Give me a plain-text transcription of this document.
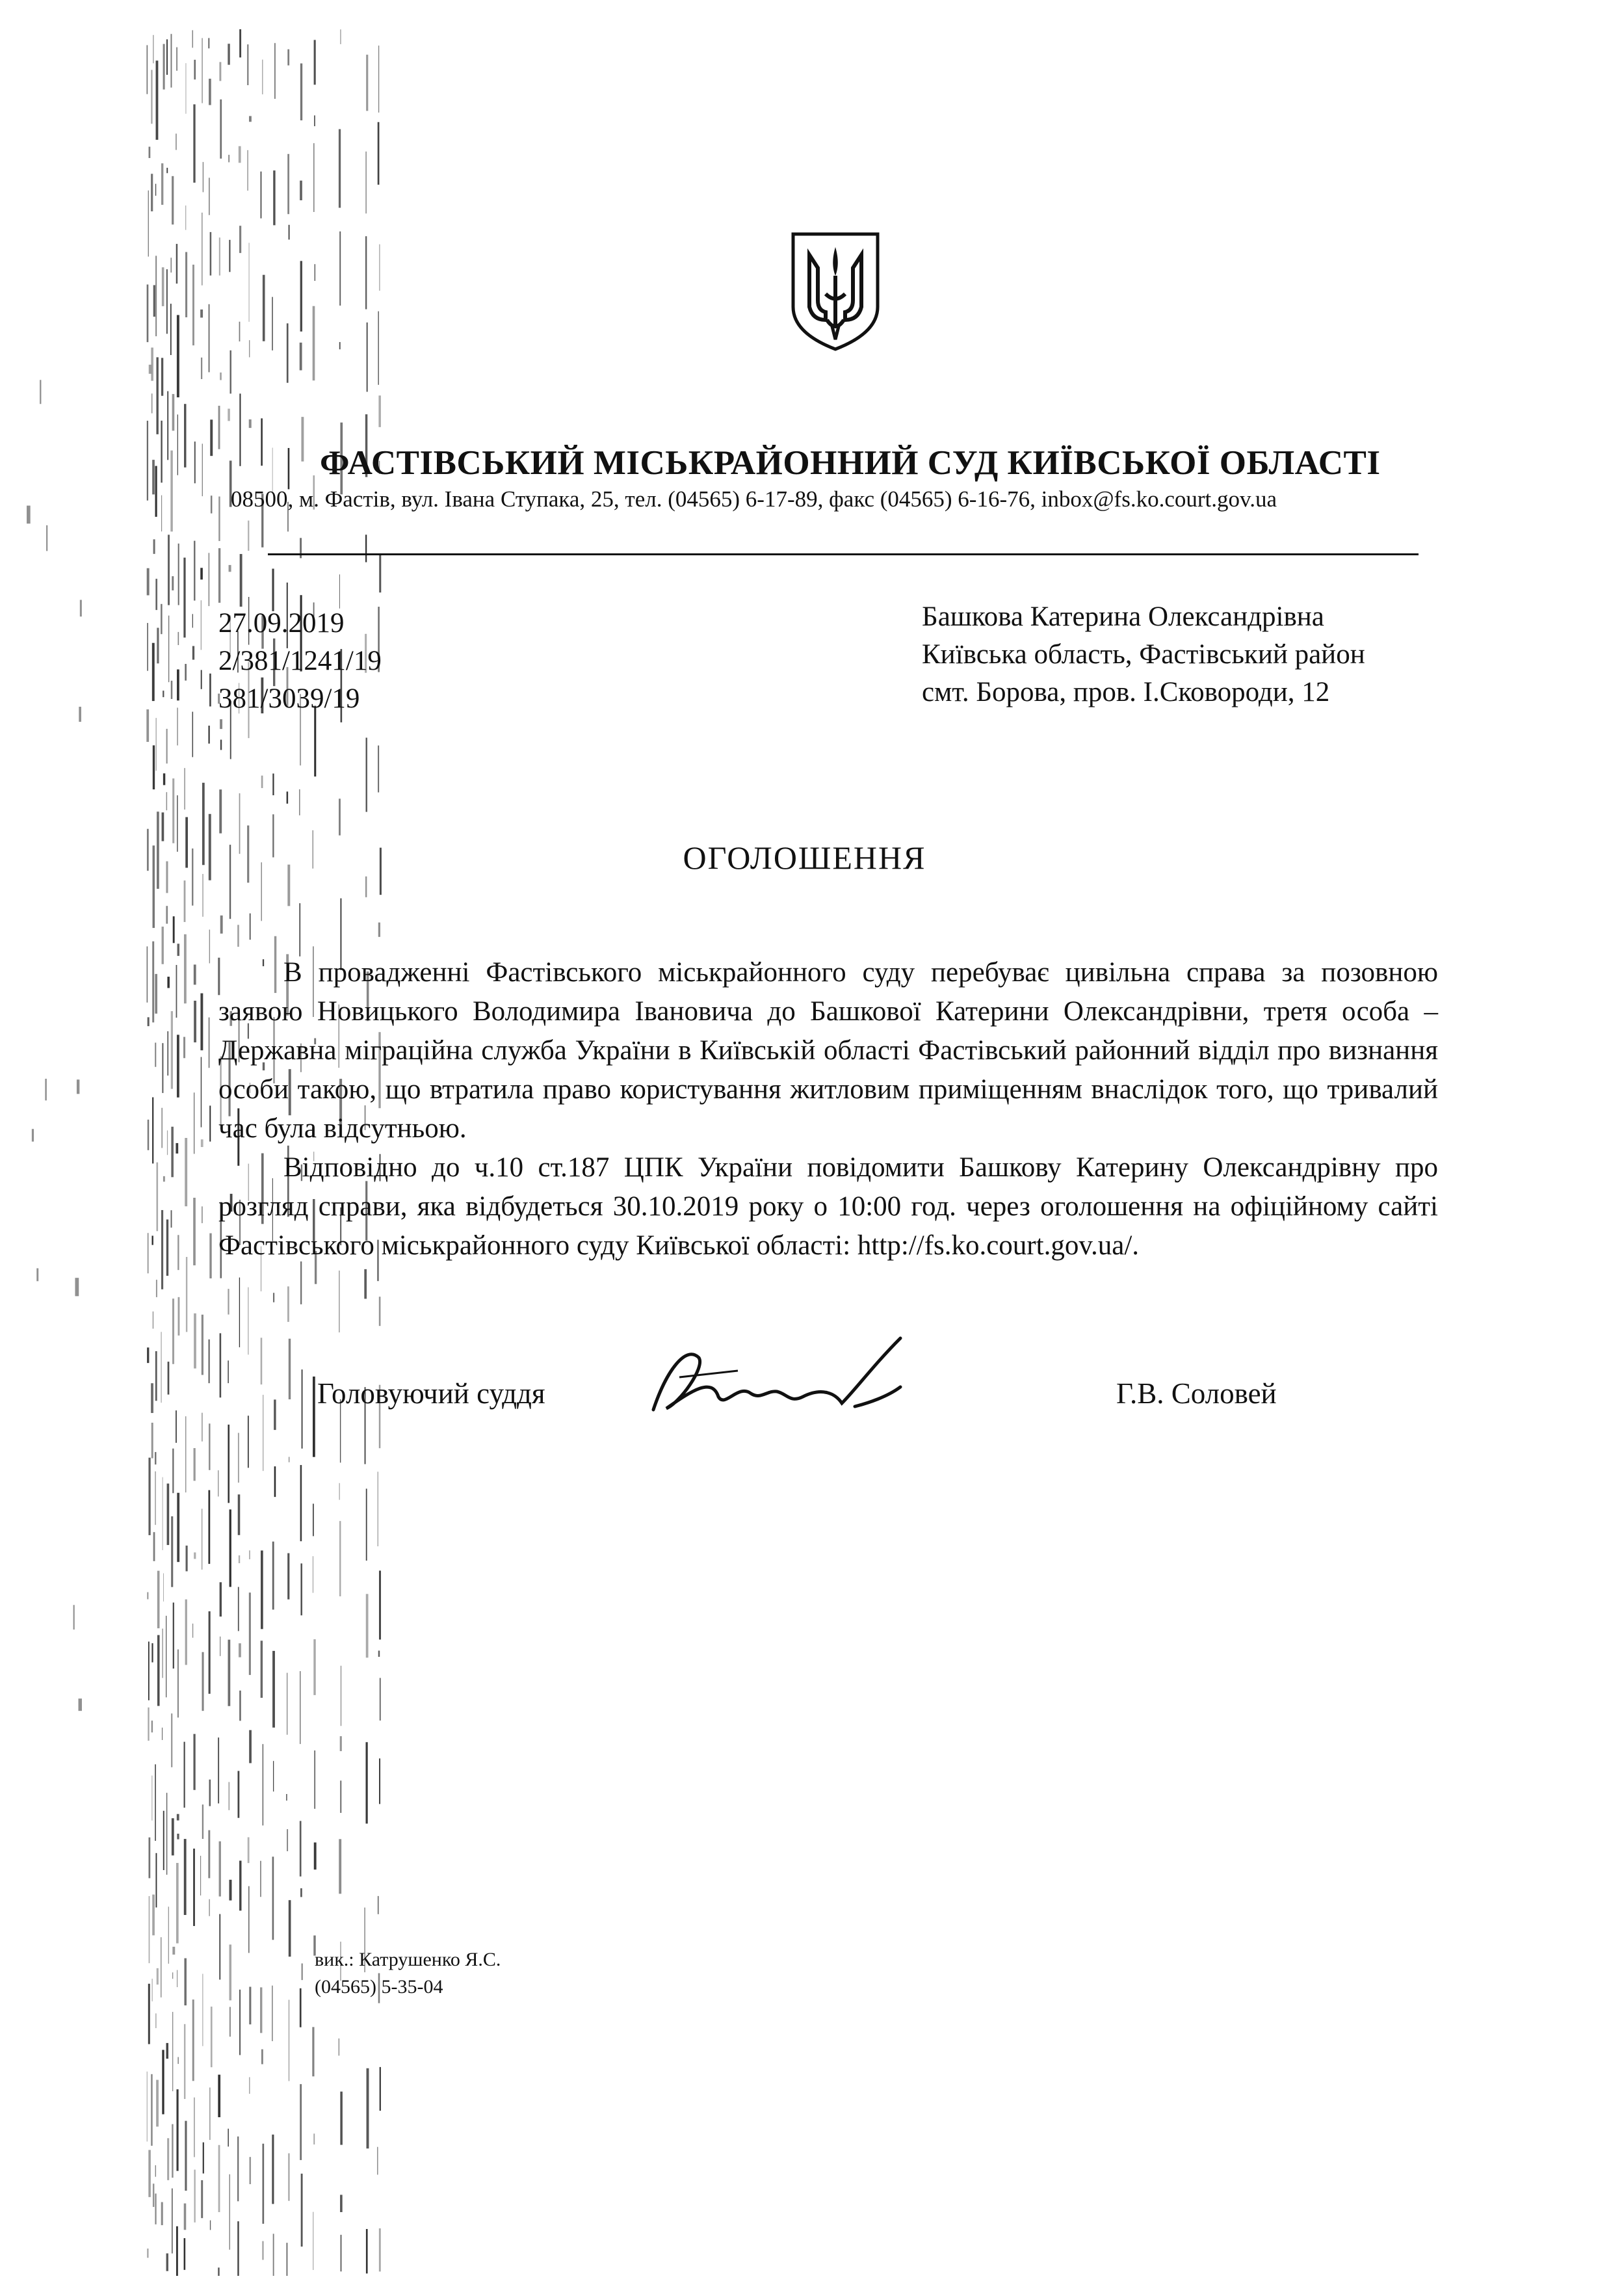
ФАСТІВСЬКИЙ МІСЬКРАЙОННИЙ СУД КИЇВСЬКОЇ ОБЛАСТІ
08500, м. Фастів, вул. Івана Ступака, 25, тел. (04565) 6-17-89, факс (04565) 6-16-76, inbox@fs.ko.court.gov.ua
27.09.2019
2/381/1241/19
381/3039/19
Башкова Катерина Олександрівна
Київська область, Фастівський район
смт. Борова, пров. І.Сковороди, 12
ОГОЛОШЕННЯ

В провадженні Фастівського міськрайонного суду перебуває цивільна справа за позовною заявою Новицького Володимира Івановича до Башкової Катерини Олександрівни, третя особа – Державна міграційна служба України в Київській області Фастівський районний відділ про визнання особи такою, що втратила право користування житловим приміщенням внаслідок того, що тривалий час була відсутньою.

Відповідно до ч.10 ст.187 ЦПК України повідомити Башкову Катерину Олександрівну про розгляд справи, яка відбудеться 30.10.2019 року о 10:00 год. через оголошення на офіційному сайті Фастівського міськрайонного суду Київської області: http://fs.ko.court.gov.ua/.

Головуючий суддя	Г.В. Соловей
вик.: Катрушенко Я.С.
(04565) 5-35-04
